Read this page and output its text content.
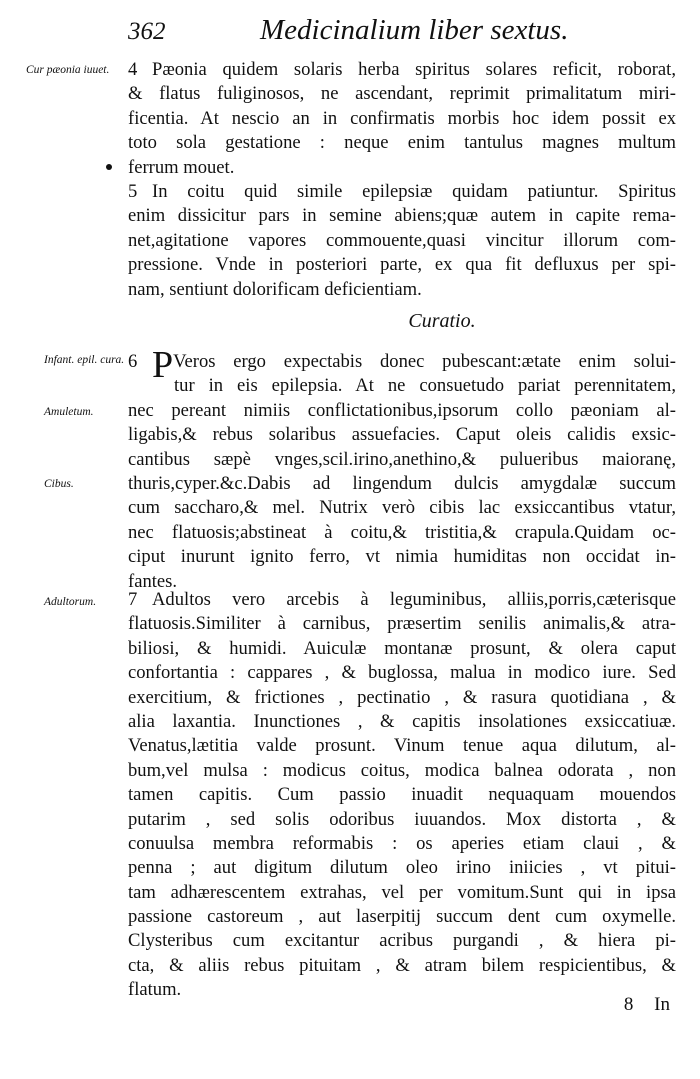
362	Medicinalium liber sextus.
Cur pæonia iuuet.
Infant. epil. cura.
Amuletum.
Cibus.
Adultorum.
4 Pæonia quidem solaris herba spiritus solares reficit, roborat,
& flatus fuliginosos, ne ascendant, reprimit primalitatum miri-
ficentia. At nescio an in confirmatis morbis hoc idem possit ex
toto sola gestatione : neque enim tantulus magnes multum
ferrum mouet.
5 In coitu quid simile epilepsiæ quidam patiuntur. Spiritus
enim dissicitur pars in semine abiens;quæ autem in capite rema-
net,agitatione vapores commouente,quasi vincitur illorum com-
pressione. Vnde in posteriori parte, ex qua fit defluxus per spi-
nam, sentiunt dolorificam deficientiam.
Curatio.
6 PVeros ergo expectabis donec pubescant:ætate enim solui-
tur in eis epilepsia. At ne consuetudo pariat perennitatem,
nec pereant nimiis conflictationibus,ipsorum collo pæoniam al-
ligabis,& rebus solaribus assuefacies. Caput oleis calidis exsic-
cantibus sæpè vnges,scil.irino,anethino,& pulueribus maioranę,
thuris,cyper.&c.Dabis ad lingendum dulcis amygdalæ succum
cum saccharo,& mel. Nutrix verò cibis lac exsiccantibus vtatur,
nec flatuosis;abstineat à coitu,& tristitia,& crapula.Quidam oc-
ciput inurunt ignito ferro, vt nimia humiditas non occidat in-
fantes.
7 Adultos vero arcebis à leguminibus, alliis,porris,cæterisque
flatuosis.Similiter à carnibus, præsertim senilis animalis,& atra-
biliosi, & humidi. Auiculæ montanæ prosunt, & olera caput
confortantia : cappares , & buglossa, malua in modico iure. Sed
exercitium, & frictiones , pectinatio , & rasura quotidiana , &
alia laxantia. Inunctiones , & capitis insolationes exsiccatiuæ.
Venatus,lætitia valde prosunt. Vinum tenue aqua dilutum, al-
bum,vel mulsa : modicus coitus, modica balnea odorata , non
tamen capitis. Cum passio inuadit nequaquam mouendos
putarim , sed solis odoribus iuuandos. Mox distorta , &
conuulsa membra reformabis : os aperies etiam claui , &
penna ; aut digitum dilutum oleo irino iniicies , vt pitui-
tam adhærescentem extrahas, vel per vomitum.Sunt qui in ipsa
passione castoreum , aut laserpitij succum dent cum oxymelle.
Clysteribus cum excitantur acribus purgandi , & hiera pi-
cta, & aliis rebus pituitam , & atram bilem respicientibus, &
flatum.
8 In
